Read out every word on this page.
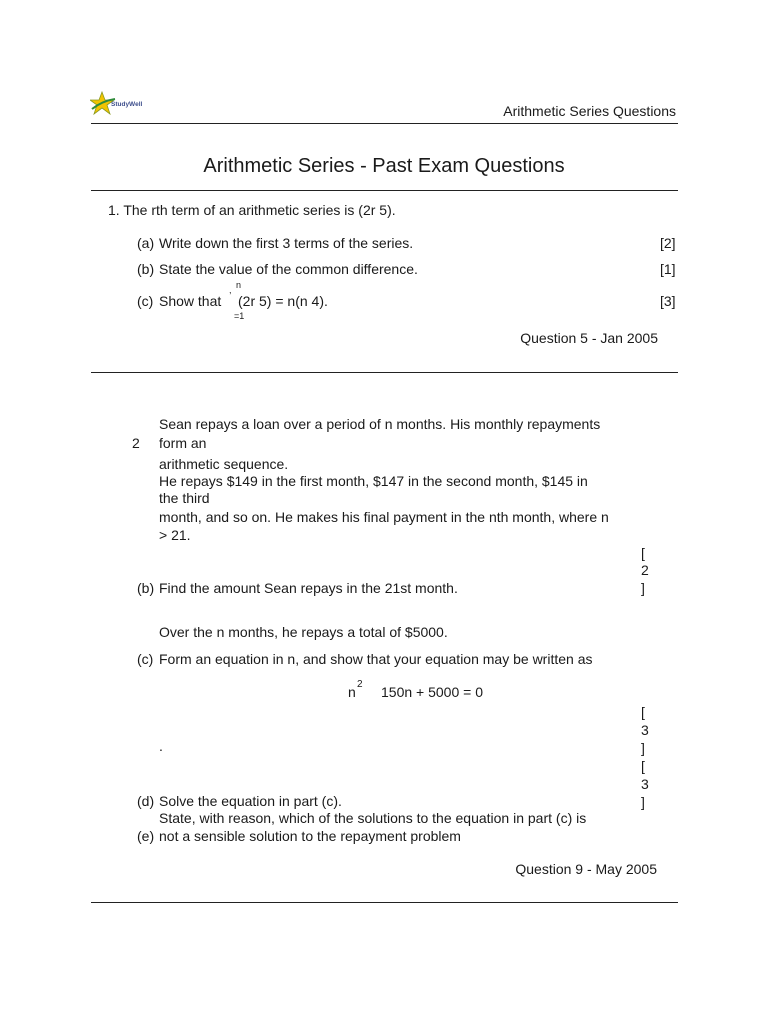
StudyWell	Arithmetic Series Questions
Arithmetic Series - Past Exam Questions
1. The rth term of an arithmetic series is (2r 5).
(a) Write down the first 3 terms of the series.	[2]
(b) State the value of the common difference.	[1]
(c) Show that
, n
=1
(2r 5) = n(n 4).	[3]
Question 5 - Jan 2005
Sean repays a loan over a period of n months. His monthly repayments
2 form an
arithmetic sequence.
He repays $149 in the first month, $147 in the second month, $145 in
the third
month, and so on. He makes his final payment in the nth month, where n
> 21.
[
2
]
(b) Find the amount Sean repays in the 21st month.
Over the n months, he repays a total of $5000.
(c) Form an equation in n, and show that your equation may be written as
n 2 150n + 5000 = 0
[
3
.	]
[
3
]
(d) Solve the equation in part (c).
State, with reason, which of the solutions to the equation in part (c) is
(e) not a sensible solution to the repayment problem
Question 9 - May 2005
